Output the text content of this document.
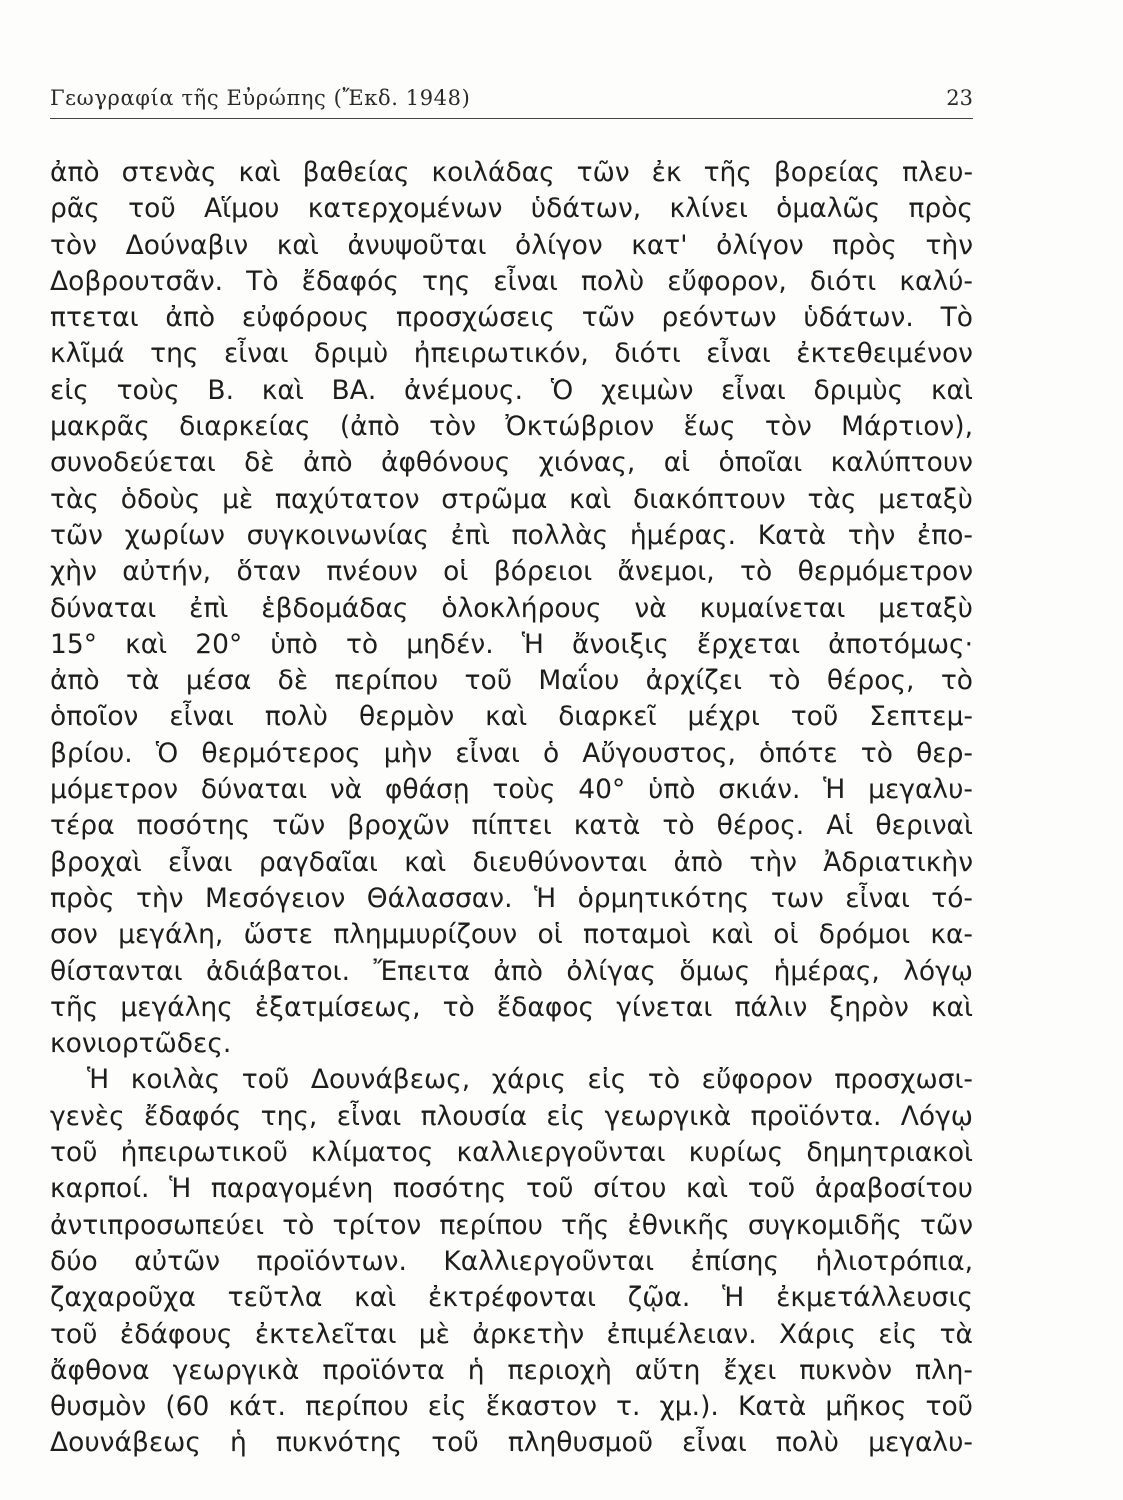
Γεωγραφία τῆς Εὐρώπης (Ἔκδ. 1948)	23
ἀπὸ στενὰς καὶ βαθείας κοιλάδας τῶν ἐκ τῆς βορείας πλευ-
ρᾶς τοῦ Αἵμου κατερχομένων ὑδάτων, κλίνει ὁμαλῶς πρὸς
τὸν Δούναβιν καὶ ἀνυψοῦται ὀλίγον κατ' ὀλίγον πρὸς τὴν
Δοβρουτσᾶν. Τὸ ἔδαφός της εἶναι πολὺ εὔφορον, διότι καλύ-
πτεται ἀπὸ εὐφόρους προσχώσεις τῶν ρεόντων ὑδάτων. Τὸ
κλῖμά της εἶναι δριμὺ ἠπειρωτικόν, διότι εἶναι ἐκτεθειμένον
εἰς τοὺς Β. καὶ ΒΑ. ἀνέμους. Ὁ χειμὼν εἶναι δριμὺς καὶ
μακρᾶς διαρκείας (ἀπὸ τὸν Ὀκτώβριον ἕως τὸν Μάρτιον),
συνοδεύεται δὲ ἀπὸ ἀφθόνους χιόνας, αἱ ὁποῖαι καλύπτουν
τὰς ὁδοὺς μὲ παχύτατον στρῶμα καὶ διακόπτουν τὰς μεταξὺ
τῶν χωρίων συγκοινωνίας ἐπὶ πολλὰς ἡμέρας. Κατὰ τὴν ἐπο-
χὴν αὐτήν, ὅταν πνέουν οἱ βόρειοι ἄνεμοι, τὸ θερμόμετρον
δύναται ἐπὶ ἑβδομάδας ὁλοκλήρους νὰ κυμαίνεται μεταξὺ
15° καὶ 20° ὑπὸ τὸ μηδέν. Ἡ ἄνοιξις ἔρχεται ἀποτόμως·
ἀπὸ τὰ μέσα δὲ περίπου τοῦ Μαΐου ἀρχίζει τὸ θέρος, τὸ
ὁποῖον εἶναι πολὺ θερμὸν καὶ διαρκεῖ μέχρι τοῦ Σεπτεμ-
βρίου. Ὁ θερμότερος μὴν εἶναι ὁ Αὔγουστος, ὁπότε τὸ θερ-
μόμετρον δύναται νὰ φθάσῃ τοὺς 40° ὑπὸ σκιάν. Ἡ μεγαλυ-
τέρα ποσότης τῶν βροχῶν πίπτει κατὰ τὸ θέρος. Αἱ θεριναὶ
βροχαὶ εἶναι ραγδαῖαι καὶ διευθύνονται ἀπὸ τὴν Ἀδριατικὴν
πρὸς τὴν Μεσόγειον Θάλασσαν. Ἡ ὁρμητικότης των εἶναι τό-
σον μεγάλη, ὥστε πλημμυρίζουν οἱ ποταμοὶ καὶ οἱ δρόμοι κα-
θίστανται ἀδιάβατοι. Ἔπειτα ἀπὸ ὀλίγας ὅμως ἡμέρας, λόγῳ
τῆς μεγάλης ἐξατμίσεως, τὸ ἔδαφος γίνεται πάλιν ξηρὸν καὶ
κονιορτῶδες.
Ἡ κοιλὰς τοῦ Δουνάβεως, χάρις εἰς τὸ εὔφορον προσχωσι-
γενὲς ἔδαφός της, εἶναι πλουσία εἰς γεωργικὰ προϊόντα. Λόγῳ
τοῦ ἠπειρωτικοῦ κλίματος καλλιεργοῦνται κυρίως δημητριακοὶ
καρποί. Ἡ παραγομένη ποσότης τοῦ σίτου καὶ τοῦ ἀραβοσίτου
ἀντιπροσωπεύει τὸ τρίτον περίπου τῆς ἐθνικῆς συγκομιδῆς τῶν
δύο αὐτῶν προϊόντων. Καλλιεργοῦνται ἐπίσης ἡλιοτρόπια,
ζαχαροῦχα τεῦτλα καὶ ἐκτρέφονται ζῷα. Ἡ ἐκμετάλλευσις
τοῦ ἐδάφους ἐκτελεῖται μὲ ἀρκετὴν ἐπιμέλειαν. Χάρις εἰς τὰ
ἄφθονα γεωργικὰ προϊόντα ἡ περιοχὴ αὕτη ἔχει πυκνὸν πλη-
θυσμὸν (60 κάτ. περίπου εἰς ἕκαστον τ. χμ.). Κατὰ μῆκος τοῦ
Δουνάβεως ἡ πυκνότης τοῦ πληθυσμοῦ εἶναι πολὺ μεγαλυ-
